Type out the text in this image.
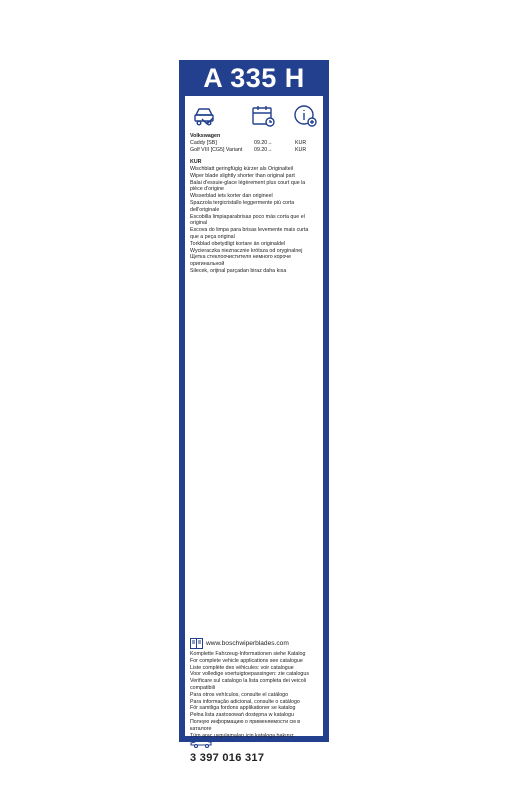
A 335 H
Volkswagen
Caddy [SB]	09.20→	KUR
Golf VIII [CG5] Variant 09.20→	KUR
KUR
Wischblatt geringfügig kürzer als Originalteil
Wiper blade slightly shorter than original part
Balai d'essuie-glace légèrement plus court que la pièce d'origine
Wisserblad iets korter dan origineel
Spazzola tergicristallo leggermente più corta dell'originale
Escobilla limpiaparabrisas poco más corta que el original
Escova do limpa para brisas levemente mais curta que a peça original
Torkblad obetydligt kortare än originaldel
Wycieraczka nieznacznie krótsza od oryginalnej
Щетка стеклоочистителя немного короче оригинальной
Silecek, orijinal parçadan biraz daha kısa
www.boschwiperblades.com
Komplette Fahrzeug-Informationen siehe Katalog
For complete vehicle applications see catalogue
Liste complète des véhicules: voir catalogue
Voor volledige voertuigtoepassingen: zie catalogus
Verificare sul catalogo la lista completa dei veicoli compatibili
Para otros vehículos, consulte el catálogo
Para informação adicional, consulte o catálogo
För samtliga fordons applikationer se katalog
Pełna lista zastosowań dostępna w katalogu
Полную информацию о применяемости см в каталоге
Tüm araç uygulamaları için kataloga bakınız.
3 397 016 317
